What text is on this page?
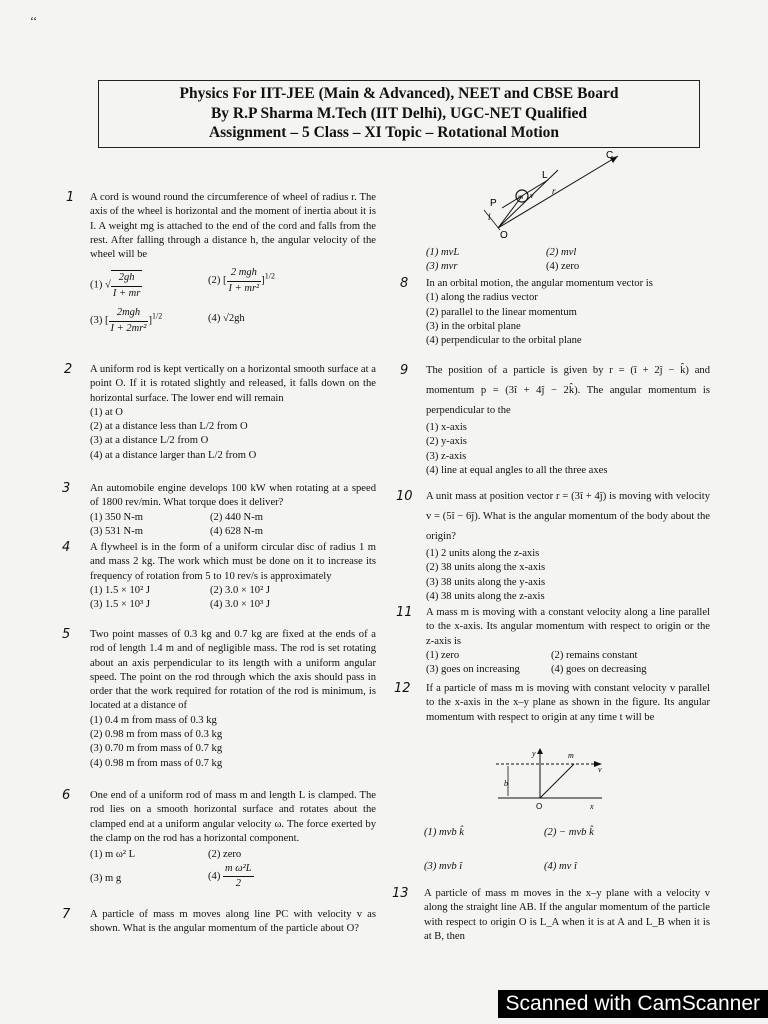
‘‘
Physics For IIT-JEE (Main & Advanced), NEET and CBSE Board
By R.P Sharma M.Tech (IIT Delhi), UGC-NET Qualified
Assignment – 5 Class – XI Topic – Rotational Motion
1 A cord is wound round the circumference of wheel of radius r. The axis of the wheel is horizontal and the moment of inertia about it is I. A weight mg is attached to the end of the cord and falls from the rest. After falling through a distance h, the angular velocity of the wheel will be
(1) √ $\frac{2gh}{I + mr}$	(2) [ $\frac{\text{2 mgh}}{\text{I + mr²}} ]^{1/2}$
(3) [ $\frac{\text{2mgh}}{\text{I + 2mr²}} ]^{1/2}$	(4) √2gh
2 A uniform rod is kept vertically on a horizontal smooth surface at a point O. If it is rotated slightly and released, it falls down on the horizontal surface. The lower end will remain
(1) at O
(2) at a distance less than L/2 from O
(3) at a distance L/2 from O
(4) at a distance larger than L/2 from O
3 An automobile engine develops 100 kW when rotating at a speed of 1800 rev/min. What torque does it deliver?
(1) 350 N-m	(2) 440 N-m
(3) 531 N-m	(4) 628 N-m
4 A flywheel is in the form of a uniform circular disc of radius 1 m and mass 2 kg. The work which must be done on it to increase its frequency of rotation from 5 to 10 rev/s is approximately
(1) 1.5 × 10² J	(2) 3.0 × 10² J
(3) 1.5 × 10³ J	(4) 3.0 × 10³ J
5 Two point masses of 0.3 kg and 0.7 kg are fixed at the ends of a rod of length 1.4 m and of negligible mass. The rod is set rotating about an axis perpendicular to its length with a uniform angular speed. The point on the rod through which the axis should pass in order that the work required for rotation of the rod is minimum, is located at a distance of
(1) 0.4 m from mass of 0.3 kg
(2) 0.98 m from mass of 0.3 kg
(3) 0.70 m from mass of 0.7 kg
(4) 0.98 m from mass of 0.7 kg
6 One end of a uniform rod of mass m and length L is clamped. The rod lies on a smooth horizontal surface and rotates about the clamped end at a uniform angular velocity ω. The force exerted by the clamp on the rod has a horizontal component.
(1) m ω² L	(2) zero
(3) m g	$(4) \frac{\text{m ω²L}}{2}$
7 A particle of mass m moves along line PC with velocity v as shown. What is the angular momentum of the particle about O?
C
L
P
m v r
l
O
(1) mvL	(2) mvl
(3) mvr	(4) zero
8 In an orbital motion, the angular momentum vector is
(1) along the radius vector
(2) parallel to the linear momentum
(3) in the orbital plane
(4) perpendicular to the orbital plane
9 The position of a particle is given by r = (î + 2ĵ − k̂) and momentum p = (3î + 4ĵ − 2k̂). The angular momentum is perpendicular to the
(1) x-axis
(2) y-axis
(3) z-axis
(4) line at equal angles to all the three axes
10 A unit mass at position vector r = (3î + 4ĵ) is moving with velocity v = (5î − 6ĵ). What is the angular momentum of the body about the origin?
(1) 2 units along the z-axis
(2) 38 units along the x-axis
(3) 38 units along the y-axis
(4) 38 units along the z-axis
11 A mass m is moving with a constant velocity along a line parallel to the x-axis. Its angular momentum with respect to origin or the z-axis is
(1) zero	(2) remains constant
(3) goes on increasing	(4) goes on decreasing
12 If a particle of mass m is moving with constant velocity v parallel to the x-axis in the x–y plane as shown in the figure. Its angular momentum with respect to origin at any time t will be
y	m
v
b
O	x
(1) mvb k̂	(2) − mvb k̂
(3) mvb î	(4) mv î
13 A particle of mass m moves in the x–y plane with a velocity v along the straight line AB. If the angular momentum of the particle with respect to origin O is L_A when it is at A and L_B when it is at B, then
Scanned with CamScanner
